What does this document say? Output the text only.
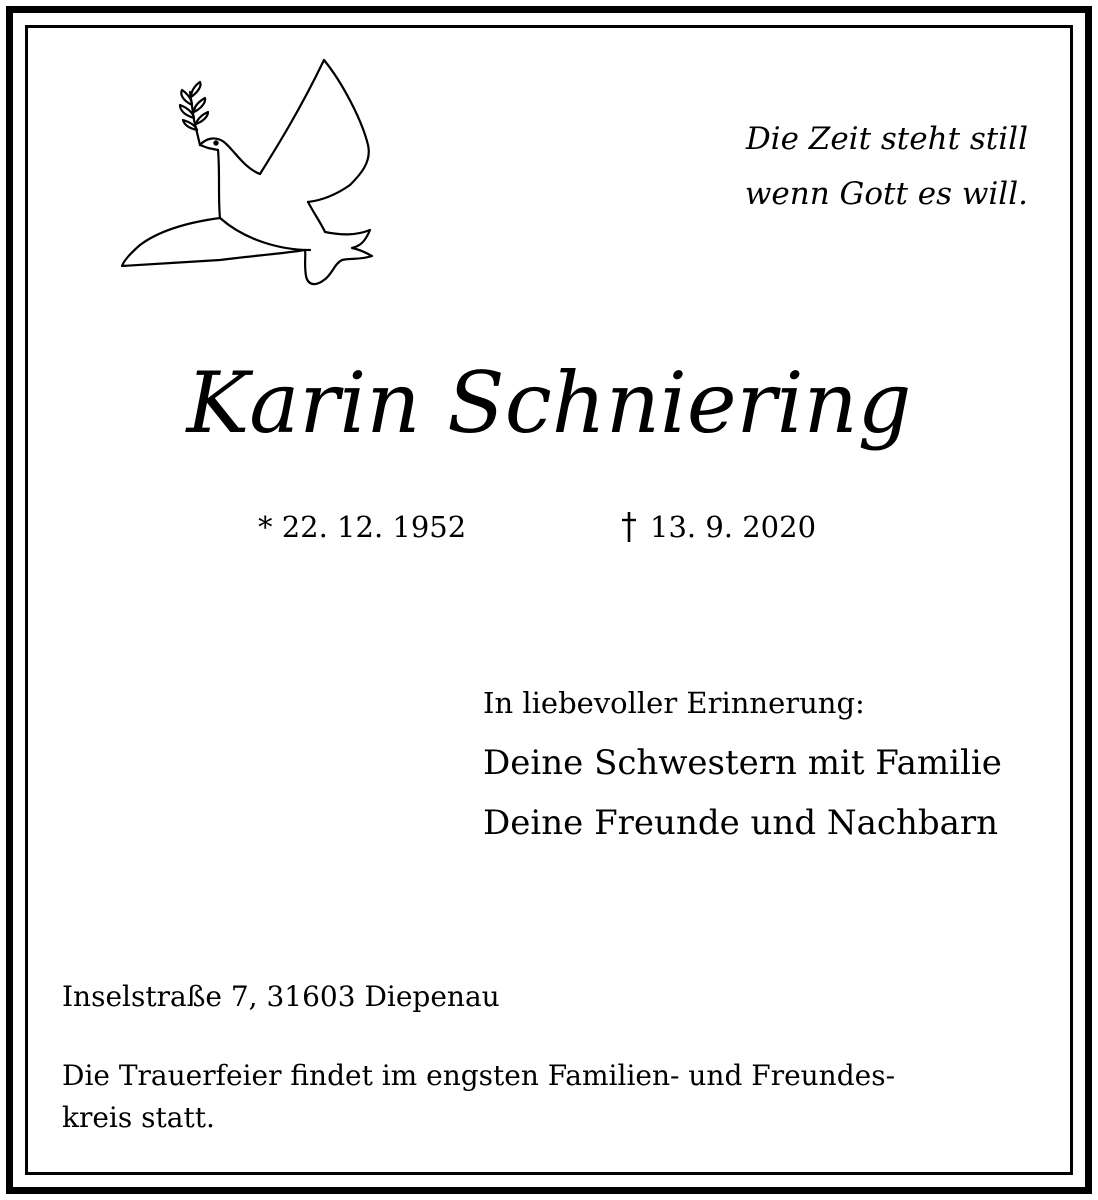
Die Zeit steht still
wenn Gott es will.
Karin Schniering
* 22. 12. 1952	13. 9. 2020
In liebevoller Erinnerung:
Deine Schwestern mit Familie
Deine Freunde und Nachbarn
Inselstraße 7, 31603 Diepenau
Die Trauerfeier findet im engsten Familien- und Freundes-
kreis statt.
